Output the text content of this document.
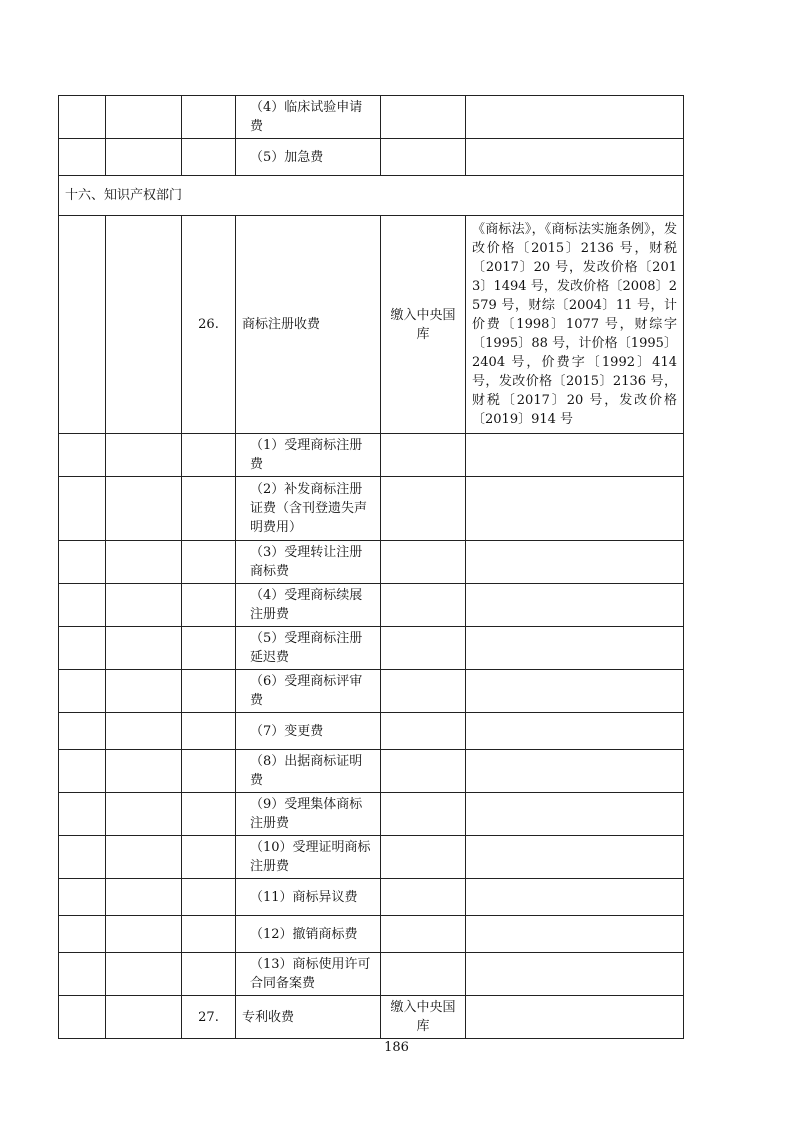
			（4）临床试验申请费		

			（5）加急费		

十六、知识产权部门					
		26.	商标注册收费	缴入中央国库	《商标法》，《商标法实施条例》，发改价格〔2015〕2136 号，财税〔2017〕20 号，发改价格〔2013〕1494 号，发改价格〔2008〕2579 号，财综〔2004〕11 号，计价费〔1998〕1077 号，财综字〔1995〕88 号，计价格〔1995〕2404 号，价费字〔1992〕414 号，发改价格〔2015〕2136 号，财税〔2017〕20 号，发改价格〔2019〕914 号

			（1）受理商标注册费		

			（2）补发商标注册证费（含刊登遗失声明费用）		

			（3）受理转让注册商标费		

			（4）受理商标续展注册费		

			（5）受理商标注册延迟费		

			（6）受理商标评审费		

			（7）变更费		

			（8）出据商标证明费		

			（9）受理集体商标注册费		

			（10）受理证明商标注册费		

			（11）商标异议费		

			（12）撤销商标费		

			（13）商标使用许可合同备案费		

		27.	专利收费	缴入中央国库	
186
